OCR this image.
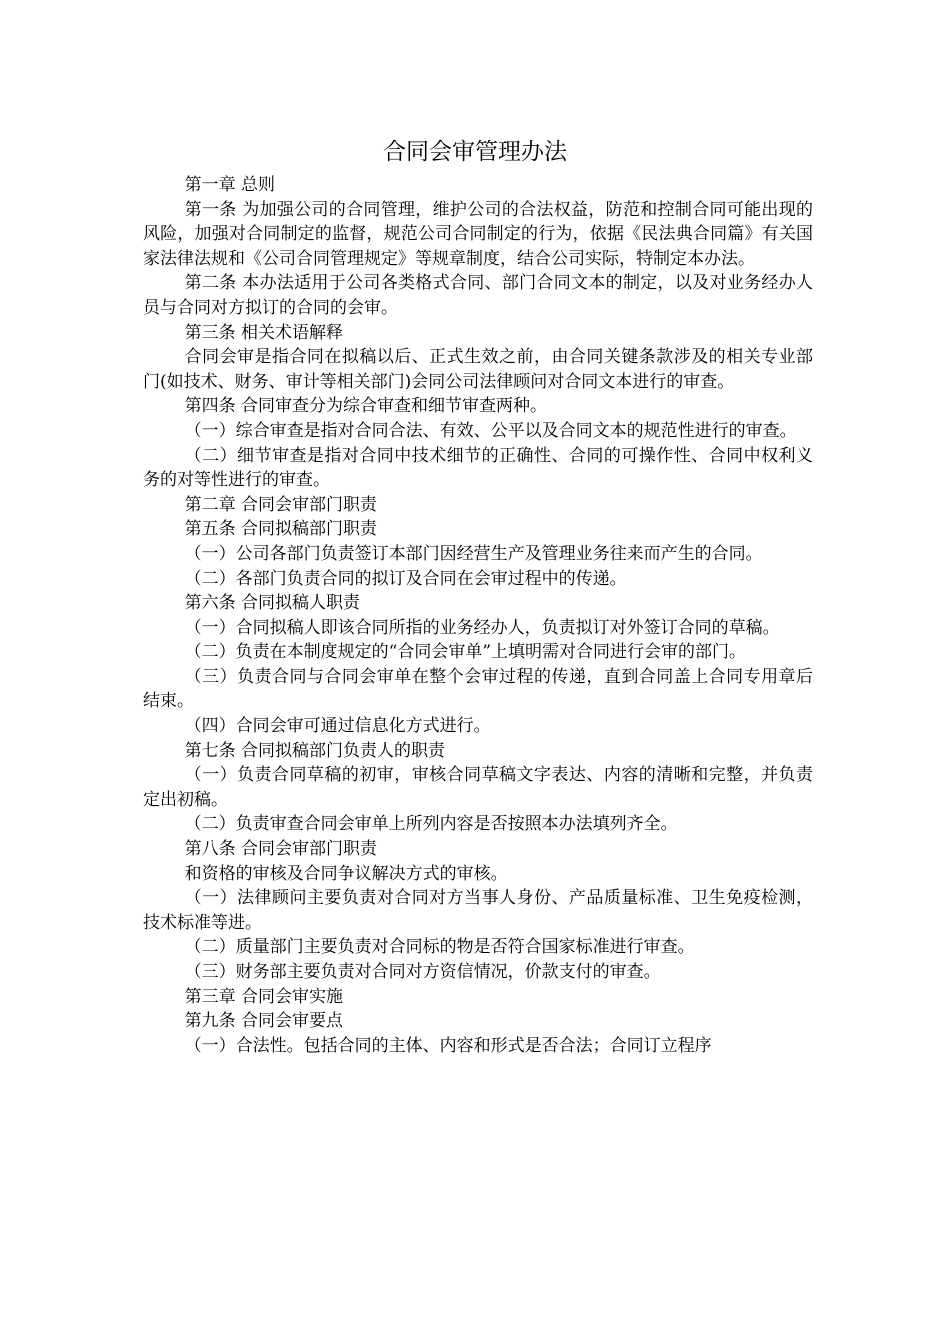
合同会审管理办法

第一章 总则

第一条 为加强公司的合同管理，维护公司的合法权益，防范和控制合同可能出现的风险，加强对合同制定的监督，规范公司合同制定的行为，依据《民法典合同篇》有关国家法律法规和《公司合同管理规定》等规章制度，结合公司实际，特制定本办法。

第二条 本办法适用于公司各类格式合同、部门合同文本的制定，以及对业务经办人员与合同对方拟订的合同的会审。

第三条 相关术语解释

合同会审是指合同在拟稿以后、正式生效之前，由合同关键条款涉及的相关专业部门(如技术、财务、审计等相关部门)会同公司法律顾问对合同文本进行的审查。

第四条 合同审查分为综合审查和细节审查两种。

（一）综合审查是指对合同合法、有效、公平以及合同文本的规范性进行的审查。

（二）细节审查是指对合同中技术细节的正确性、合同的可操作性、合同中权利义务的对等性进行的审查。

第二章 合同会审部门职责

第五条 合同拟稿部门职责

（一）公司各部门负责签订本部门因经营生产及管理业务往来而产生的合同。

（二）各部门负责合同的拟订及合同在会审过程中的传递。

第六条 合同拟稿人职责

（一）合同拟稿人即该合同所指的业务经办人，负责拟订对外签订合同的草稿。

（二）负责在本制度规定的“合同会审单”上填明需对合同进行会审的部门。

（三）负责合同与合同会审单在整个会审过程的传递，直到合同盖上合同专用章后结束。

（四）合同会审可通过信息化方式进行。

第七条 合同拟稿部门负责人的职责

（一）负责合同草稿的初审，审核合同草稿文字表达、内容的清晰和完整，并负责定出初稿。

（二）负责审查合同会审单上所列内容是否按照本办法填列齐全。

第八条 合同会审部门职责

和资格的审核及合同争议解决方式的审核。

（一）法律顾问主要负责对合同对方当事人身份、产品质量标准、卫生免疫检测，技术标准等进。

（二）质量部门主要负责对合同标的物是否符合国家标准进行审查。

（三）财务部主要负责对合同对方资信情况，价款支付的审查。

第三章 合同会审实施

第九条 合同会审要点

（一）合法性。包括合同的主体、内容和形式是否合法；合同订立程序
